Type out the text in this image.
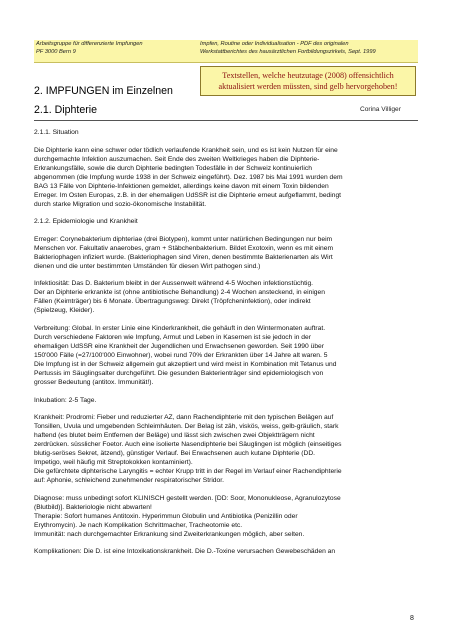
Arbeitsgruppe für differenzierte Impfungen
PF 3000 Bern 9
Impfen, Routine oder Individualisation - PDF des originalen
Werkstattberichtes des hausärztlichen Fortbildungszirkels, Sept. 1999
Textstellen, welche heutzutage (2008) offensichtlich
aktualisiert werden müssten, sind gelb hervorgehoben!
2. IMPFUNGEN im Einzelnen
2.1. Diphterie	Corina Villiger
2.1.1. Situation
Die Diphterie kann eine schwer oder tödlich verlaufende Krankheit sein, und es ist kein Nutzen für eine
durchgemachte Infektion auszumachen. Seit Ende des zweiten Weltkrieges haben die Diphterie-
Erkrankungsfälle, sowie die durch Diphterie bedingten Todesfälle in der Schweiz kontinuierlich
abgenommen (die Impfung wurde 1938 in der Schweiz eingeführt). Dez. 1987 bis Mai 1991 wurden dem
BAG 13 Fälle von Diphterie-Infektionen gemeldet, allerdings keine davon mit einem Toxin bildenden
Erreger. Im Osten Europas, z.B. in der ehemaligen UdSSR ist die Diphterie erneut aufgeflammt, bedingt
durch starke Migration und sozio-ökonomische Instabilität.
2.1.2. Epidemiologie und Krankheit
Erreger: Corynebakterium diphteriae (drei Biotypen), kommt unter natürlichen Bedingungen nur beim
Menschen vor. Fakultativ anaerobes, gram + Stäbchenbakterium. Bildet Exotoxin, wenn es mit einem
Bakteriophagen infiziert wurde. (Bakteriophagen sind Viren, denen bestimmte Bakterienarten als Wirt
dienen und die unter bestimmten Umständen für diesen Wirt pathogen sind.)
Infektiosität: Das D. Bakterium bleibt in der Aussenwelt während 4-5 Wochen infektionstüchtig.
Der an Diphterie erkrankte ist (ohne antibiotische Behandlung) 2-4 Wochen ansteckend, in einigen
Fällen (Keimträger) bis 6 Monate. Übertragungsweg: Direkt (Tröpfcheninfektion), oder indirekt
(Spielzeug, Kleider).
Verbreitung: Global. In erster Linie eine Kinderkrankheit, die gehäuft in den Wintermonaten auftrat.
Durch verschiedene Faktoren wie Impfung, Armut und Leben in Kasernen ist sie jedoch in der
ehemaligen UdSSR eine Krankheit der Jugendlichen und Erwachsenen geworden. Seit 1990 über
150'000 Fälle (=27/100'000 Einwohner), wobei rund 70% der Erkrankten über 14 Jahre alt waren. 5
Die Impfung ist in der Schweiz allgemein gut akzeptiert und wird meist in Kombination mit Tetanus und
Pertussis im Säuglingsalter durchgeführt. Die gesunden Bakterienträger sind epidemiologisch von
grosser Bedeutung (antitox. Immunität!).
Inkubation: 2-5 Tage.
Krankheit: Prodromi: Fieber und reduzierter AZ, dann Rachendiphterie mit den typischen Belägen auf
Tonsillen, Uvula und umgebenden Schleimhäuten. Der Belag ist zäh, viskös, weiss, gelb-gräulich, stark
haftend (es blutet beim Entfernen der Beläge) und lässt sich zwischen zwei Objektträgern nicht
zerdrücken. süsslicher Foetor. Auch eine isolierte Nasendiphterie bei Säuglingen ist möglich (einseitiges
blutig-seröses Sekret, ätzend), günstiger Verlauf. Bei Erwachsenen auch kutane Diphterie (DD.
Impetigo, weil häufig mit Streptokokken kontaminiert).
Die gefürchtete diphterische Laryngitis = echter Krupp tritt in der Regel im Verlauf einer Rachendiphterie
auf: Aphonie, schleichend zunehmender respiratorischer Stridor.
Diagnose: muss unbedingt sofort KLINISCH gestellt werden. [DD: Soor, Mononukleose, Agranulozytose
(Blutbild)]. Bakteriologie nicht abwarten!
Therapie: Sofort humanes Antitoxin. Hyperimmun Globulin und Antibiotika (Penizillin oder
Erythromycin). Je nach Komplikation Schrittmacher, Tracheotomie etc.
Immunität: nach durchgemachter Erkrankung sind Zweiterkrankungen möglich, aber selten.
Komplikationen: Die D. ist eine Intoxikationskrankheit. Die D.-Toxine verursachen Gewebeschäden an
8
